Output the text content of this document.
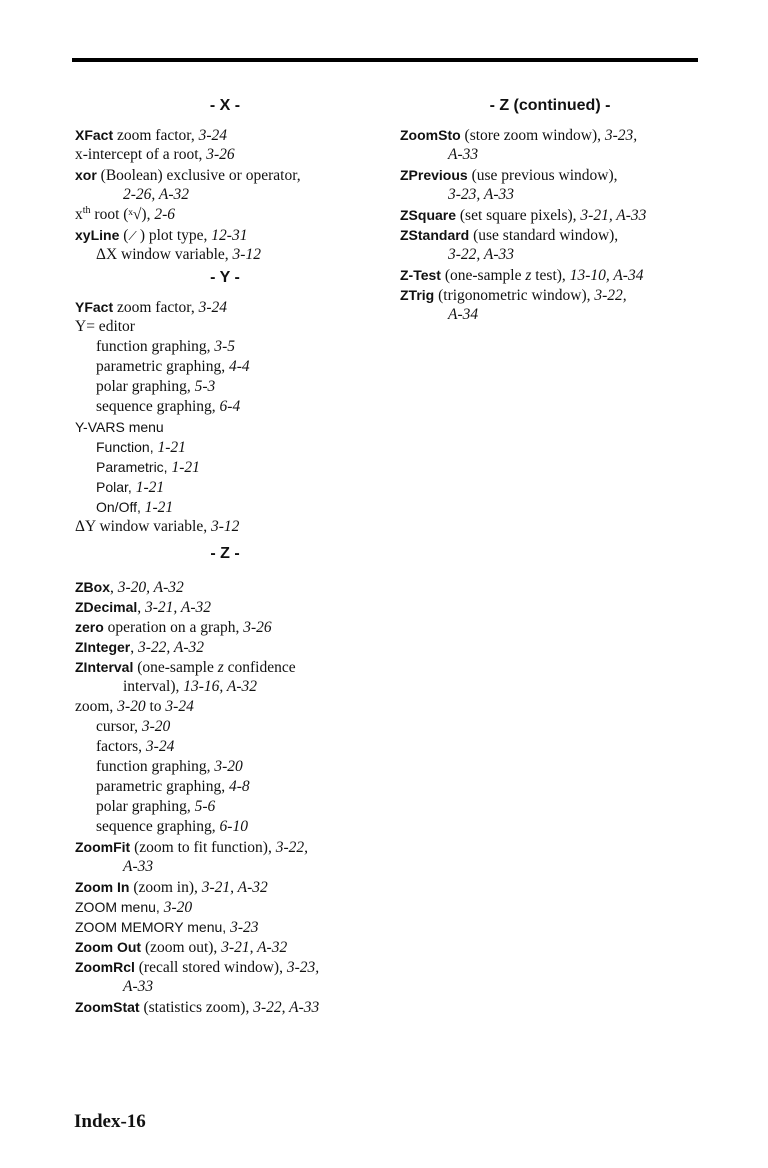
- X -
XFact zoom factor, 3-24
x-intercept of a root, 3-26
xor (Boolean) exclusive or operator,
2-26, A-32
$x^{th}$ root (ˣ√), 2-6
xyLine (⟋ ) plot type, 12-31
ΔX window variable, 3-12
- Y -
YFact zoom factor, 3-24
Y= editor
function graphing, 3-5
parametric graphing, 4-4
polar graphing, 5-3
sequence graphing, 6-4
Y-VARS menu
Function, 1-21
Parametric, 1-21
Polar, 1-21
On/Off, 1-21
ΔY window variable, 3-12
- Z -
ZBox, 3-20, A-32
ZDecimal, 3-21, A-32
zero operation on a graph, 3-26
ZInteger, 3-22, A-32
ZInterval (one-sample z confidence
interval), 13-16, A-32
zoom, 3-20 to 3-24
cursor, 3-20
factors, 3-24
function graphing, 3-20
parametric graphing, 4-8
polar graphing, 5-6
sequence graphing, 6-10
ZoomFit (zoom to fit function), 3-22,
A-33
Zoom In (zoom in), 3-21, A-32
ZOOM menu, 3-20
ZOOM MEMORY menu, 3-23
Zoom Out (zoom out), 3-21, A-32
ZoomRcl (recall stored window), 3-23,
A-33
ZoomStat (statistics zoom), 3-22, A-33
- Z (continued) -
ZoomSto (store zoom window), 3-23,
A-33
ZPrevious (use previous window),
3-23, A-33
ZSquare (set square pixels), 3-21, A-33
ZStandard (use standard window),
3-22, A-33
Z-Test (one-sample z test), 13-10, A-34
ZTrig (trigonometric window), 3-22,
A-34
Index-16
